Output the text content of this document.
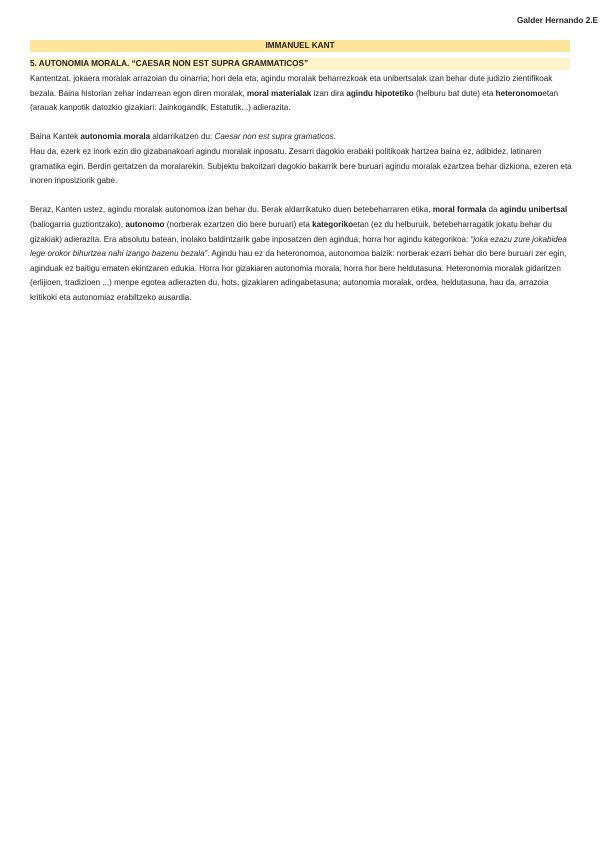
Galder Hernando 2.E
IMMANUEL KANT
5. AUTONOMIA MORALA. “CAESAR NON EST SUPRA GRAMMATICOS”

Kantentzat, jokaera moralak arrazoian du oinarria; hori dela eta, agindu moralak beharrezkoak eta unibertsalak izan behar dute judizio zientifikoak bezala. Baina historian zehar indarrean egon diren moralak, moral materialak izan dira agindu hipotetiko (helburu bat dute) eta heteronomoetan (arauak kanpotik datozkio gizakiari: Jainkogandik, Estatutik...) adierazita.

Baina Kantek autonomia morala aldarrikatzen du: Caesar non est supra gramaticos.
Hau da, ezerk ez inork ezin dio gizabanakoari agindu moralak inposatu. Zesarri dagokio erabaki politikoak hartzea baina ez, adibidez, latinaren gramatika egin. Berdin gertatzen da moralarekin. Subjektu bakoitzari dagokio bakarrik bere buruari agindu moralak ezartzea behar dizkiona, ezeren eta inoren inposiziorik gabe.

Beraz, Kanten ustez, agindu moralak autonomoa izan behar du. Berak aldarrikatuko duen betebeharraren etika, moral formala da agindu unibertsal (baliogarria guztiontzako), autonomo (norberak ezartzen dio bere buruari) eta kategorikoetan (ez du helburuik, betebeharragatik jokatu behar du gizakiak) adierazita. Era absolutu batean, inolako baldintzarik gabe inposatzen den agindua, horra hor agindu kategorikoa: “joka ezazu zure jokabidea lege orokor bihurtzea nahi izango bazenu bezala”. Agindu hau ez da heteronomoa, autonomoa baizik: norberak ezarri behar dio bere buruari zer egin, aginduak ez baitigu ematen ekintzaren edukia. Horra hor gizakiaren autonomia morala, horra hor bere heldutasuna. Heteronomia moralak gidaritzen (erlijioen, tradizioen ...) menpe egotea adierazten du, hots, gizakiaren adingabetasuna; autonomia moralak, ordea, heldutasuna, hau da, arrazoia kritikoki eta autonomiaz erabiltzeko ausardia.
